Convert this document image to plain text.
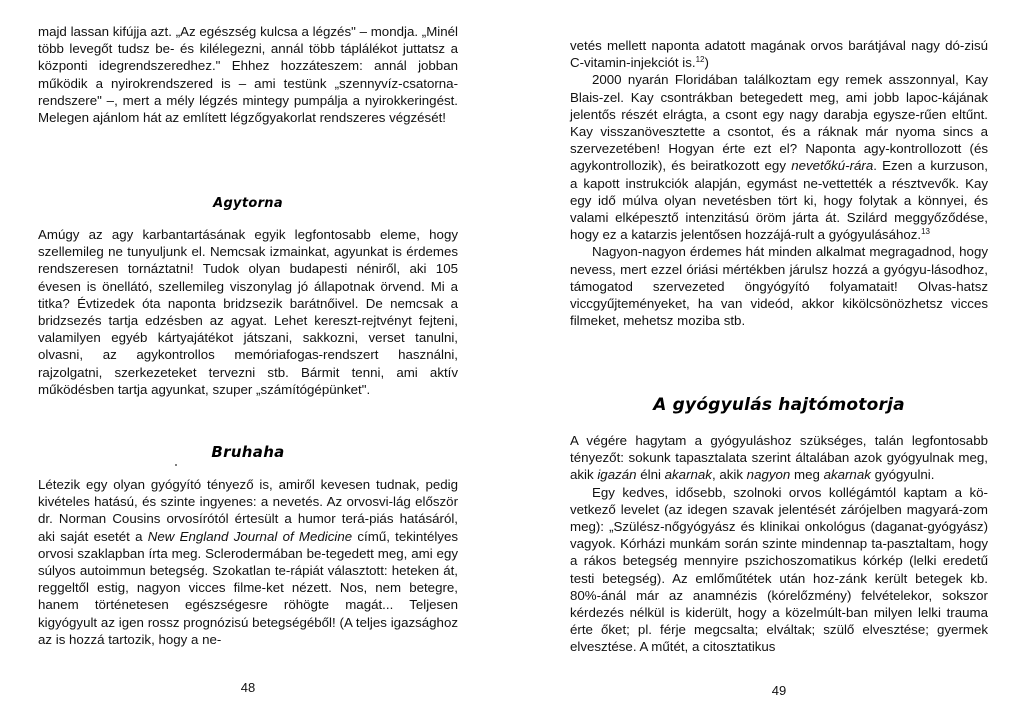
majd lassan kifújja azt. „Az egészség kulcsa a légzés" – mondja. „Minél több levegőt tudsz be- és kilélegezni, annál több táplálékot juttatsz a központi idegrendszeredhez." Ehhez hozzáteszem: annál jobban működik a nyirokrendszered is – ami testünk „szennyvíz-csatorna-rendszere" –, mert a mély légzés mintegy pumpálja a nyirokkeringést. Melegen ajánlom hát az említett légzőgyakorlat rendszeres végzését!

Agytorna

Amúgy az agy karbantartásának egyik legfontosabb eleme, hogy szellemileg ne tunyuljunk el. Nemcsak izmainkat, agyunkat is érdemes rendszeresen tornáztatni! Tudok olyan budapesti néniről, aki 105 évesen is önellátó, szellemileg viszonylag jó állapotnak örvend. Mi a titka? Évtizedek óta naponta bridzsezik barátnőivel. De nemcsak a bridzsezés tartja edzésben az agyat. Lehet kereszt-rejtvényt fejteni, valamilyen egyéb kártyajátékot játszani, sakkozni, verset tanulni, olvasni, az agykontrollos memóriafogas-rendszert használni, rajzolgatni, szerkezeteket tervezni stb. Bármit tenni, ami aktív működésben tartja agyunkat, szuper „számítógépünket".

Bruhaha

Létezik egy olyan gyógyító tényező is, amiről kevesen tudnak, pedig kivételes hatású, és szinte ingyenes: a nevetés. Az orvosvi-lág először dr. Norman Cousins orvosírótól értesült a humor terá-piás hatásáról, aki saját esetét a New England Journal of Medicine című, tekintélyes orvosi szaklapban írta meg. Sclerodermában be-tegedett meg, ami egy súlyos autoimmun betegség. Szokatlan te-rápiát választott: heteken át, reggeltől estig, nagyon vicces filme-ket nézett. Nos, nem betegre, hanem történetesen egészségesre röhögte magát... Teljesen kigyógyult az igen rossz prognózisú betegségéből! (A teljes igazsághoz az is hozzá tartozik, hogy a ne-

48

vetés mellett naponta adatott magának orvos barátjával nagy dó-zisú C-vitamin-injekciót is.$^{12}$)

2000 nyarán Floridában találkoztam egy remek asszonnyal, Kay Blais-zel. Kay csontrákban betegedett meg, ami jobb lapoc-kájának jelentős részét elrágta, a csont egy nagy darabja egysze-rűen eltűnt. Kay visszanövesztette a csontot, és a ráknak már nyoma sincs a szervezetében! Hogyan érte ezt el? Naponta agy-kontrollozott (és agykontrollozik), és beiratkozott egy nevetőkú-rára. Ezen a kurzuson, a kapott instrukciók alapján, egymást ne-vettették a résztvevők. Kay egy idő múlva olyan nevetésben tört ki, hogy folytak a könnyei, és valami elképesztő intenzitású öröm járta át. Szilárd meggyőződése, hogy ez a katarzis jelentősen hozzájá-rult a gyógyulásához.$^{13}$

Nagyon-nagyon érdemes hát minden alkalmat megragadnod, hogy nevess, mert ezzel óriási mértékben járulsz hozzá a gyógyu-lásodhoz, támogatod szervezeted öngyógyító folyamatait! Olvas-hatsz viccgyűjteményeket, ha van videód, akkor kikölcsönözhetsz vicces filmeket, mehetsz moziba stb.

A gyógyulás hajtómotorja

A végére hagytam a gyógyuláshoz szükséges, talán legfontosabb tényezőt: sokunk tapasztalata szerint általában azok gyógyulnak meg, akik igazán élni akarnak, akik nagyon meg akarnak gyógyulni.

Egy kedves, idősebb, szolnoki orvos kollégámtól kaptam a kö-vetkező levelet (az idegen szavak jelentését zárójelben magyará-zom meg): „Szülész-nőgyógyász és klinikai onkológus (daganat-gyógyász) vagyok. Kórházi munkám során szinte mindennap ta-pasztaltam, hogy a rákos betegség mennyire pszichoszomatikus kórkép (lelki eredetű testi betegség). Az emlőműtétek után hoz-zánk került betegek kb. 80%-ánál már az anamnézis (kórelőzmény) felvételekor, sokszor kérdezés nélkül is kiderült, hogy a közelmúlt-ban milyen lelki trauma érte őket; pl. férje megcsalta; elváltak; szülő elvesztése; gyermek elvesztése. A műtét, a citosztatikus

49
